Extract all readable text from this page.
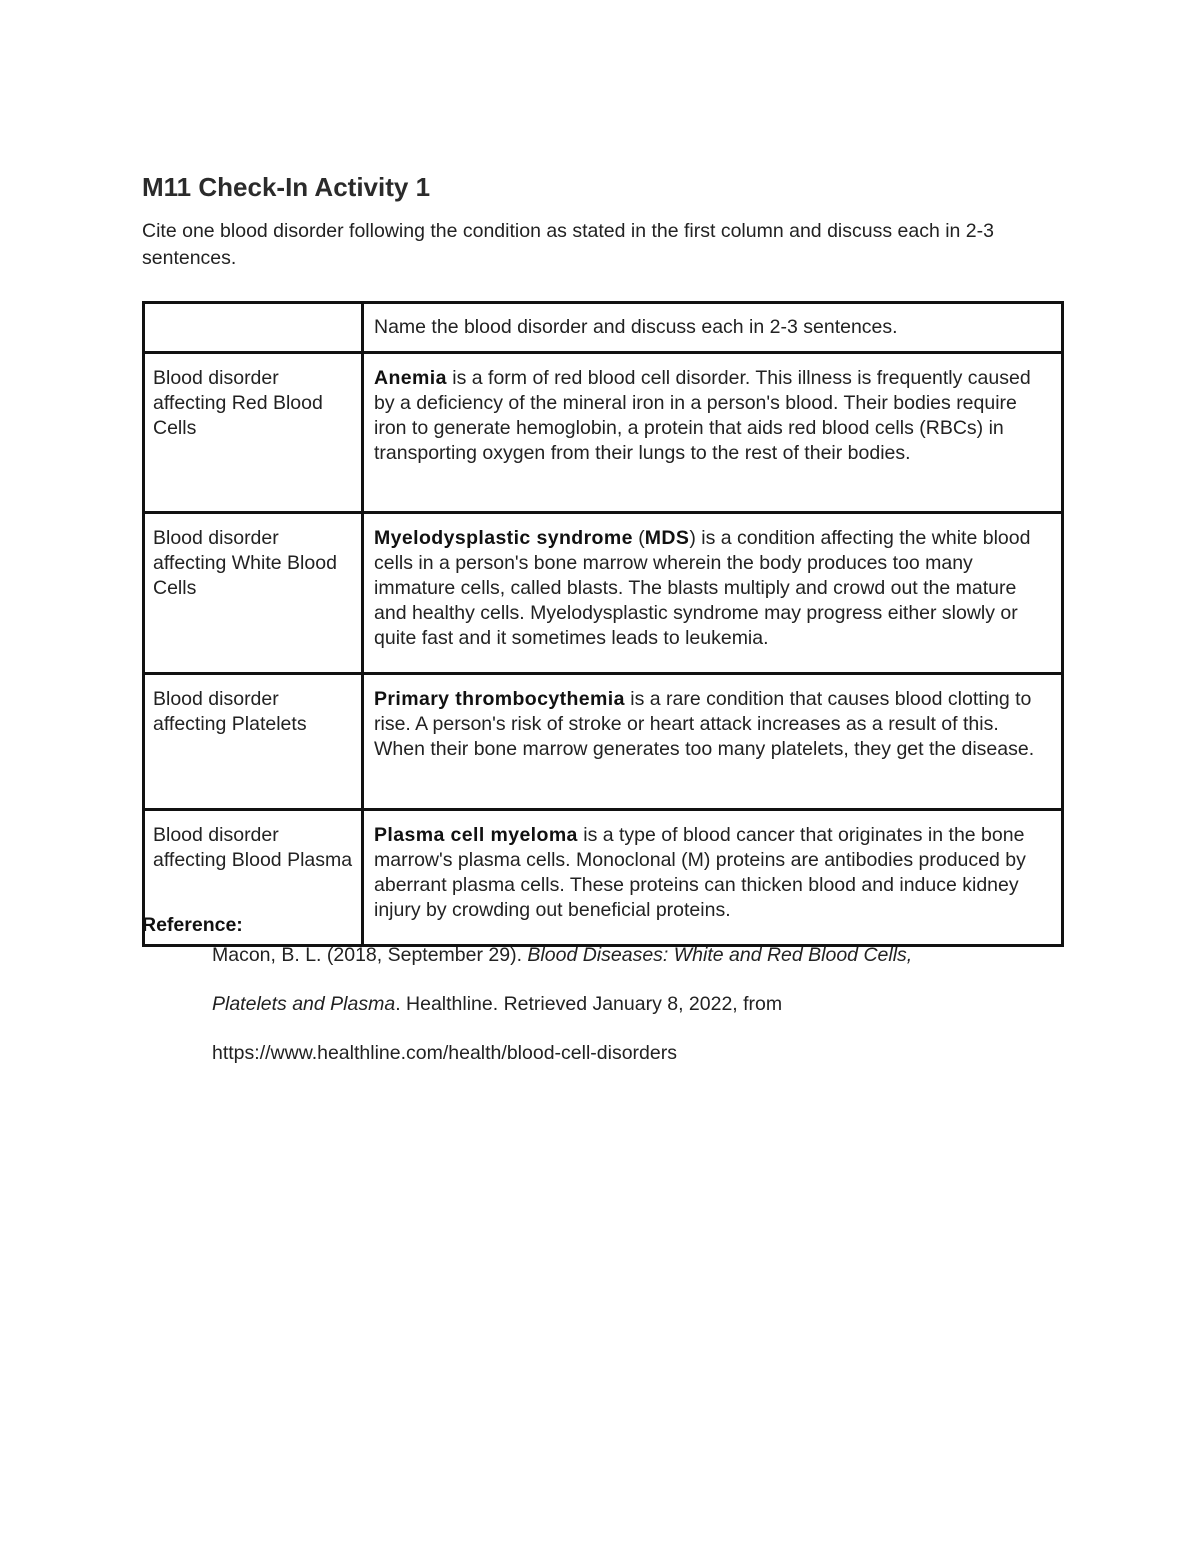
M11 Check-In Activity 1

Cite one blood disorder following the condition as stated in the first column and discuss each in 2-3 sentences.

	Name the blood disorder and discuss each in 2-3 sentences.
Blood disorder affecting Red Blood Cells	Anemia is a form of red blood cell disorder. This illness is frequently caused by a deficiency of the mineral iron in a person's blood. Their bodies require iron to generate hemoglobin, a protein that aids red blood cells (RBCs) in transporting oxygen from their lungs to the rest of their bodies.
Blood disorder affecting White Blood Cells	Myelodysplastic syndrome (MDS) is a condition affecting the white blood cells in a person's bone marrow wherein the body produces too many immature cells, called blasts. The blasts multiply and crowd out the mature and healthy cells. Myelodysplastic syndrome may progress either slowly or quite fast and it sometimes leads to leukemia.
Blood disorder affecting Platelets	Primary thrombocythemia is a rare condition that causes blood clotting to rise. A person's risk of stroke or heart attack increases as a result of this. When their bone marrow generates too many platelets, they get the disease.
Blood disorder affecting Blood Plasma	Plasma cell myeloma is a type of blood cancer that originates in the bone marrow's plasma cells. Monoclonal (M) proteins are antibodies produced by aberrant plasma cells. These proteins can thicken blood and induce kidney injury by crowding out beneficial proteins.

Reference:

Macon, B. L. (2018, September 29). Blood Diseases: White and Red Blood Cells,

Platelets and Plasma. Healthline. Retrieved January 8, 2022, from

https://www.healthline.com/health/blood-cell-disorders
